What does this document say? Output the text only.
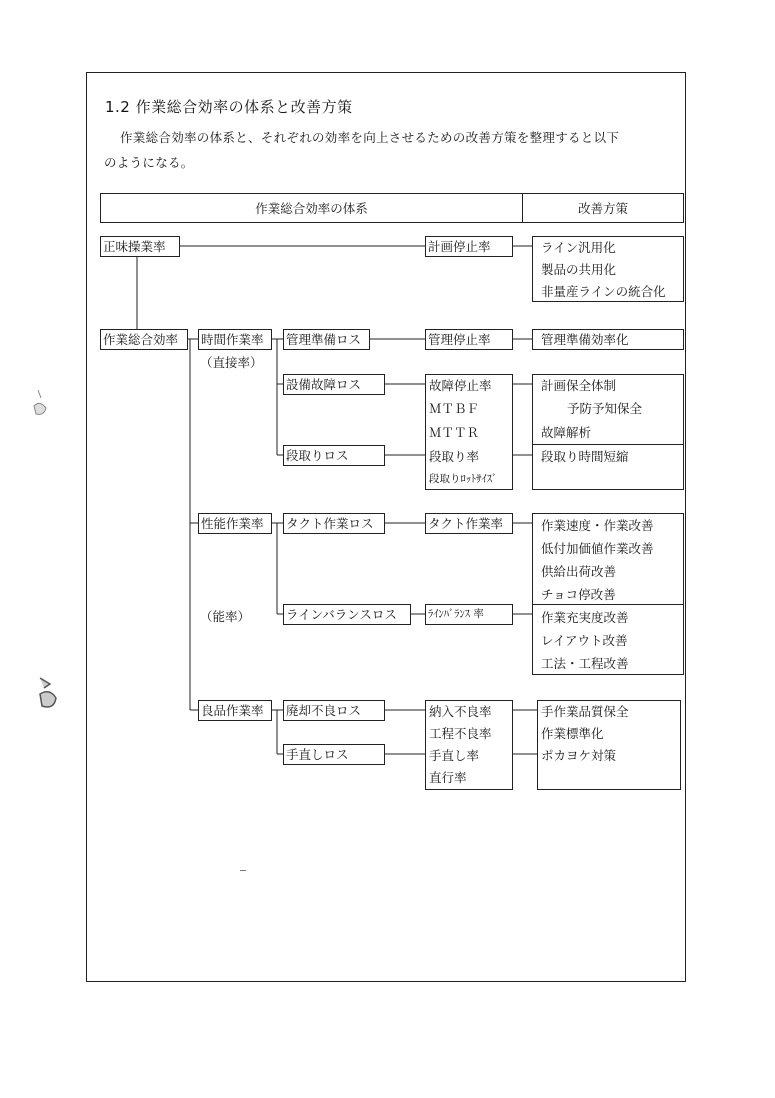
1.2 作業総合効率の体系と改善方策
作業総合効率の体系と、それぞれの効率を向上させるための改善方策を整理すると以下
のようになる。
作業総合効率の体系	改善方策
正味操業率
作業総合効率	時間作業率
（直接率）
性能作業率
（能率）
良品作業率
管理準備ロス
設備故障ロス
段取りロス
タクト作業ロス
ラインバランスロス
廃却不良ロス
手直しロス
計画停止率
管理停止率
故障停止率
ＭＴＢＦ
ＭＴＴＲ
段取り率
段取りﾛｯﾄｻｲｽﾞ
タクト作業率
ﾗｲﾝﾊﾞﾗﾝｽ 率
納入不良率
工程不良率
手直し率
直行率
ライン汎用化
製品の共用化
非量産ラインの統合化
管理準備効率化
計画保全体制
予防予知保全
故障解析
段取り時間短縮
作業速度・作業改善
低付加価値作業改善
供給出荷改善
チョコ停改善
作業充実度改善
レイアウト改善
工法・工程改善
手作業品質保全
作業標準化
ポカヨケ対策
